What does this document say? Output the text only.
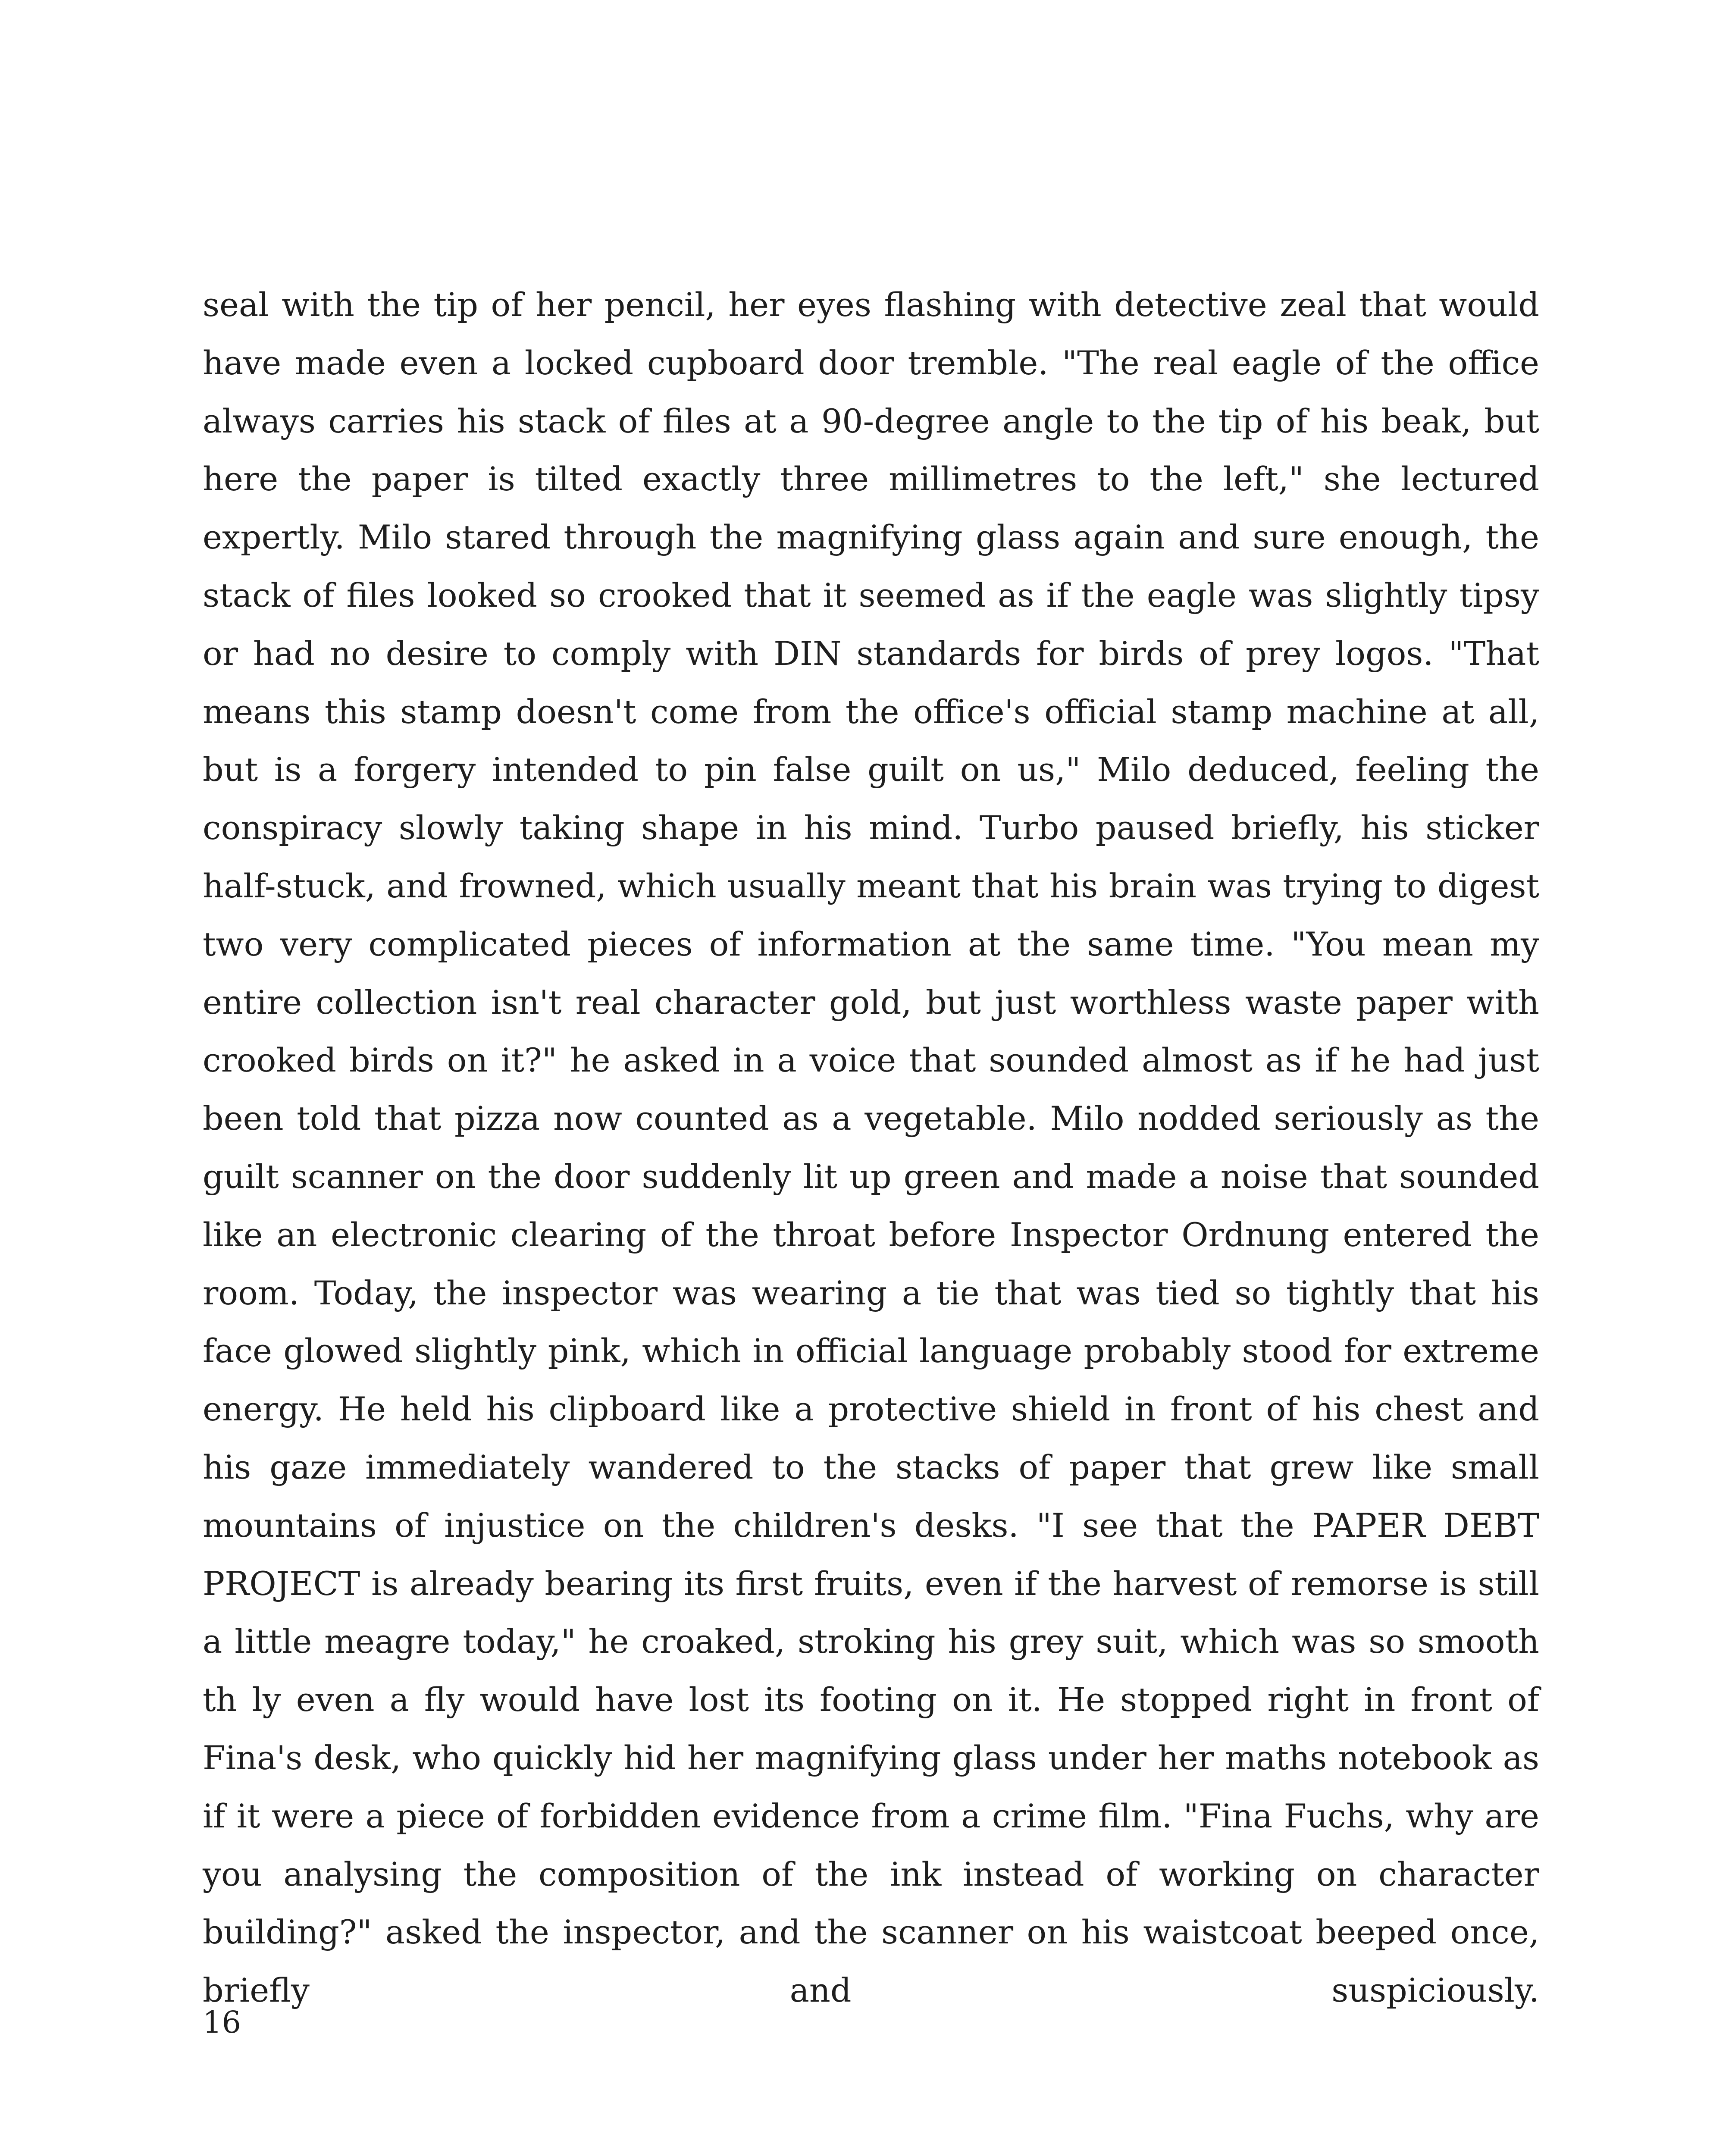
seal with the tip of her pencil, her eyes flashing with detective zeal that would have made even a locked cupboard door tremble. "The real eagle of the office always carries his stack of files at a 90-degree angle to the tip of his beak, but here the paper is tilted exactly three millimetres to the left," she lectured expertly. Milo stared through the magnifying glass again and sure enough, the stack of files looked so crooked that it seemed as if the eagle was slightly tipsy or had no desire to comply with DIN standards for birds of prey logos. "That means this stamp doesn't come from the office's official stamp machine at all, but is a forgery intended to pin false guilt on us," Milo deduced, feeling the conspiracy slowly taking shape in his mind. Turbo paused briefly, his sticker half-stuck, and frowned, which usually meant that his brain was trying to digest two very complicated pieces of information at the same time. "You mean my entire collection isn't real character gold, but just worthless waste paper with crooked birds on it?" he asked in a voice that sounded almost as if he had just been told that pizza now counted as a vegetable. Milo nodded seriously as the guilt scanner on the door suddenly lit up green and made a noise that sounded like an electronic clearing of the throat before Inspector Ordnung entered the room. Today, the inspector was wearing a tie that was tied so tightly that his face glowed slightly pink, which in official language probably stood for extreme energy. He held his clipboard like a protective shield in front of his chest and his gaze immediately wandered to the stacks of paper that grew like small mountains of injustice on the children's desks. "I see that the PAPER DEBT PROJECT is already bearing its first fruits, even if the harvest of remorse is still a little meagre today," he croaked, stroking his grey suit, which was so smooth th ly even a fly would have lost its footing on it. He stopped right in front of Fina's desk, who quickly hid her magnifying glass under her maths notebook as if it were a piece of forbidden evidence from a crime film. "Fina Fuchs, why are you analysing the composition of the ink instead of working on character building?" asked the inspector, and the scanner on his waistcoat beeped once, briefly and suspiciously.

16
